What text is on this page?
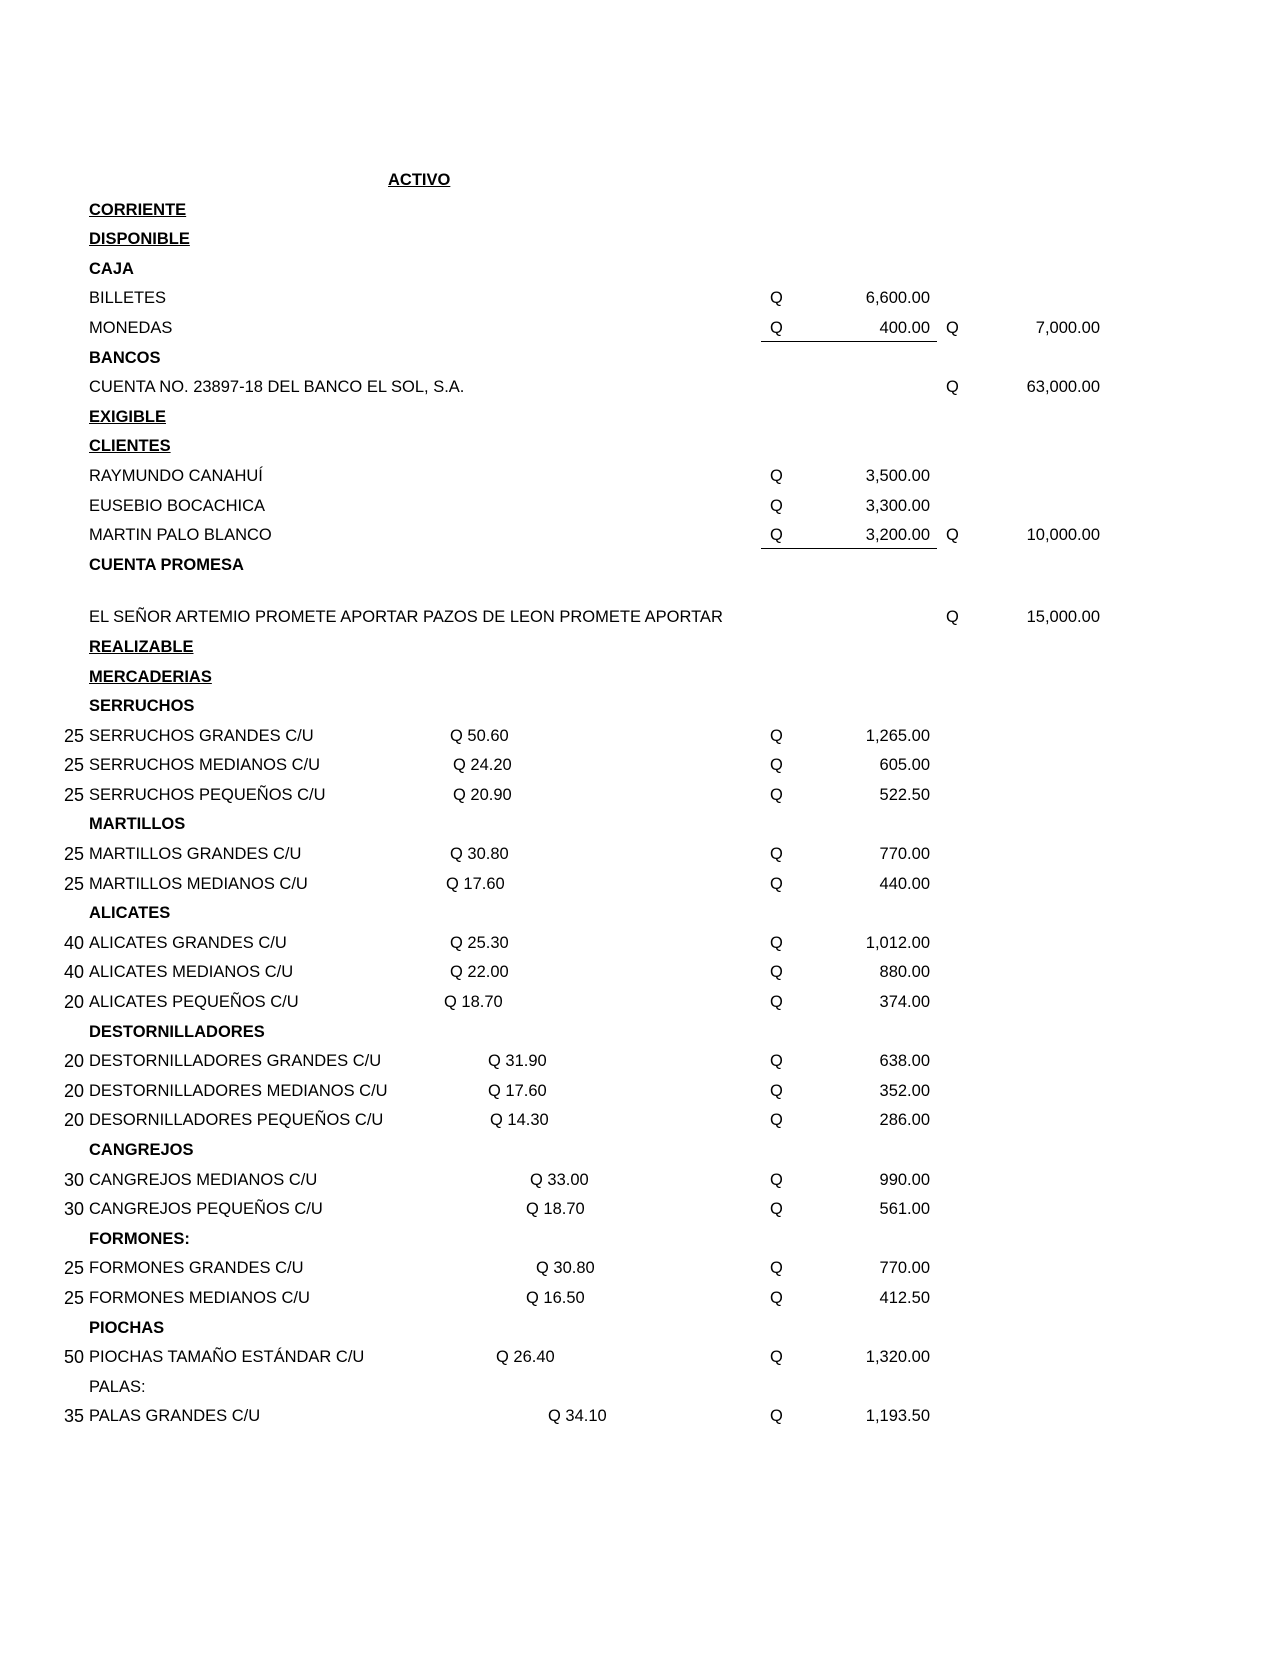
ACTIVO
CORRIENTE
DISPONIBLE
CAJA
BILLETES	Q	6,600.00
MONEDAS	Q	400.00 Q	7,000.00
BANCOS
CUENTA NO. 23897-18 DEL BANCO EL SOL, S.A.	Q	63,000.00
EXIGIBLE
CLIENTES
RAYMUNDO CANAHUÍ	Q	3,500.00
EUSEBIO BOCACHICA	Q	3,300.00
MARTIN PALO BLANCO	Q	3,200.00 Q	10,000.00
CUENTA PROMESA
EL SEÑOR ARTEMIO PROMETE APORTAR PAZOS DE LEON PROMETE APORTAR	Q	15,000.00
REALIZABLE
MERCADERIAS
SERRUCHOS
25 SERRUCHOS GRANDES C/U	Q 50.60	Q	1,265.00
25 SERRUCHOS MEDIANOS C/U	Q 24.20	Q	605.00
25 SERRUCHOS PEQUEÑOS C/U	Q 20.90	Q	522.50
MARTILLOS
25 MARTILLOS GRANDES C/U	Q 30.80	Q	770.00
25 MARTILLOS MEDIANOS C/U	Q 17.60	Q	440.00
ALICATES
40 ALICATES GRANDES C/U	Q 25.30	Q	1,012.00
40 ALICATES MEDIANOS C/U	Q 22.00	Q	880.00
20 ALICATES PEQUEÑOS C/U	Q 18.70	Q	374.00
DESTORNILLADORES
20 DESTORNILLADORES GRANDES C/U	Q 31.90	Q	638.00
20 DESTORNILLADORES MEDIANOS C/U	Q 17.60	Q	352.00
20 DESORNILLADORES PEQUEÑOS C/U	Q 14.30	Q	286.00
CANGREJOS
30 CANGREJOS MEDIANOS C/U	Q 33.00	Q	990.00
30 CANGREJOS PEQUEÑOS C/U	Q 18.70	Q	561.00
FORMONES:
25 FORMONES GRANDES C/U	Q 30.80	Q	770.00
25 FORMONES MEDIANOS C/U	Q 16.50	Q	412.50
PIOCHAS
50 PIOCHAS TAMAÑO ESTÁNDAR C/U	Q 26.40	Q	1,320.00
PALAS:
35 PALAS GRANDES C/U	Q 34.10	Q	1,193.50
